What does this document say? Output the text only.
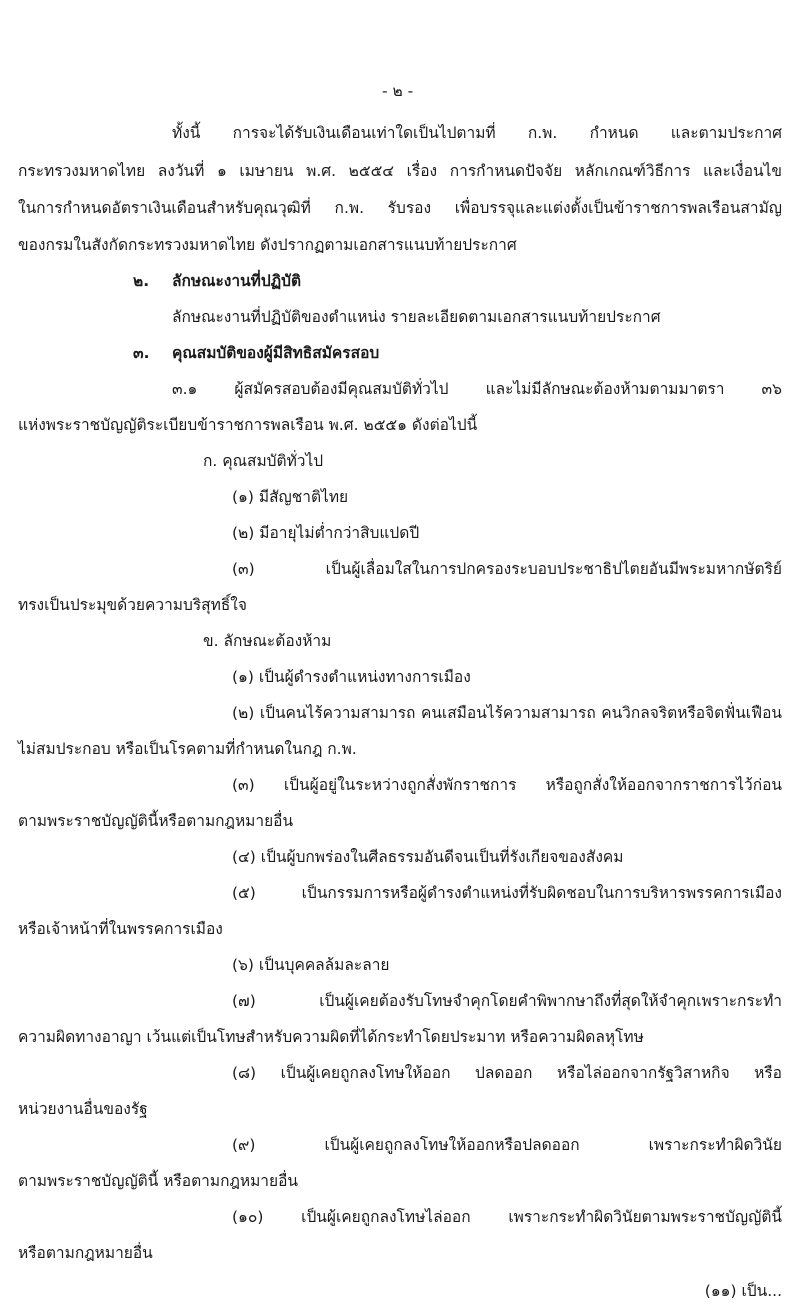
- ๒ -
ทั้งนี้ การจะได้รับเงินเดือนเท่าใดเป็นไปตามที่ ก.พ. กำหนด และตามประกาศ
กระทรวงมหาดไทย ลงวันที่ ๑ เมษายน พ.ศ. ๒๕๕๔ เรื่อง การกำหนดปัจจัย หลักเกณฑ์วิธีการ และเงื่อนไข
ในการกำหนดอัตราเงินเดือนสำหรับคุณวุฒิที่ ก.พ. รับรอง เพื่อบรรจุและแต่งตั้งเป็นข้าราชการพลเรือนสามัญ
ของกรมในสังกัดกระทรวงมหาดไทย ดังปรากฏตามเอกสารแนบท้ายประกาศ
๒. ลักษณะงานที่ปฏิบัติ
ลักษณะงานที่ปฏิบัติของตำแหน่ง รายละเอียดตามเอกสารแนบท้ายประกาศ
๓. คุณสมบัติของผู้มีสิทธิสมัครสอบ
๓.๑ ผู้สมัครสอบต้องมีคุณสมบัติทั่วไป และไม่มีลักษณะต้องห้ามตามมาตรา ๓๖
แห่งพระราชบัญญัติระเบียบข้าราชการพลเรือน พ.ศ. ๒๕๕๑ ดังต่อไปนี้
ก. คุณสมบัติทั่วไป
(๑) มีสัญชาติไทย
(๒) มีอายุไม่ต่ำกว่าสิบแปดปี
(๓)	เป็นผู้เลื่อมใสในการปกครองระบอบประชาธิปไตยอันมีพระมหากษัตริย์
ทรงเป็นประมุขด้วยความบริสุทธิ์ใจ
ข. ลักษณะต้องห้าม
(๑) เป็นผู้ดำรงตำแหน่งทางการเมือง
(๒) เป็นคนไร้ความสามารถ คนเสมือนไร้ความสามารถ คนวิกลจริตหรือจิตฟั่นเฟือน
ไม่สมประกอบ หรือเป็นโรคตามที่กำหนดในกฎ ก.พ.
(๓) เป็นผู้อยู่ในระหว่างถูกสั่งพักราชการ หรือถูกสั่งให้ออกจากราชการไว้ก่อน
ตามพระราชบัญญัตินี้หรือตามกฎหมายอื่น
(๔) เป็นผู้บกพร่องในศีลธรรมอันดีจนเป็นที่รังเกียจของสังคม
(๕)	เป็นกรรมการหรือผู้ดำรงตำแหน่งที่รับผิดชอบในการบริหารพรรคการเมือง
หรือเจ้าหน้าที่ในพรรคการเมือง
(๖) เป็นบุคคลล้มละลาย
(๗)	เป็นผู้เคยต้องรับโทษจำคุกโดยคำพิพากษาถึงที่สุดให้จำคุกเพราะกระทำ
ความผิดทางอาญา เว้นแต่เป็นโทษสำหรับความผิดที่ได้กระทำโดยประมาท หรือความผิดลหุโทษ
(๘) เป็นผู้เคยถูกลงโทษให้ออก ปลดออก หรือไล่ออกจากรัฐวิสาหกิจ หรือ
หน่วยงานอื่นของรัฐ
(๙)	เป็นผู้เคยถูกลงโทษให้ออกหรือปลดออก เพราะกระทำผิดวินัย
ตามพระราชบัญญัตินี้ หรือตามกฎหมายอื่น
(๑๐) เป็นผู้เคยถูกลงโทษไล่ออก เพราะกระทำผิดวินัยตามพระราชบัญญัตินี้
หรือตามกฎหมายอื่น
(๑๑) เป็น...
